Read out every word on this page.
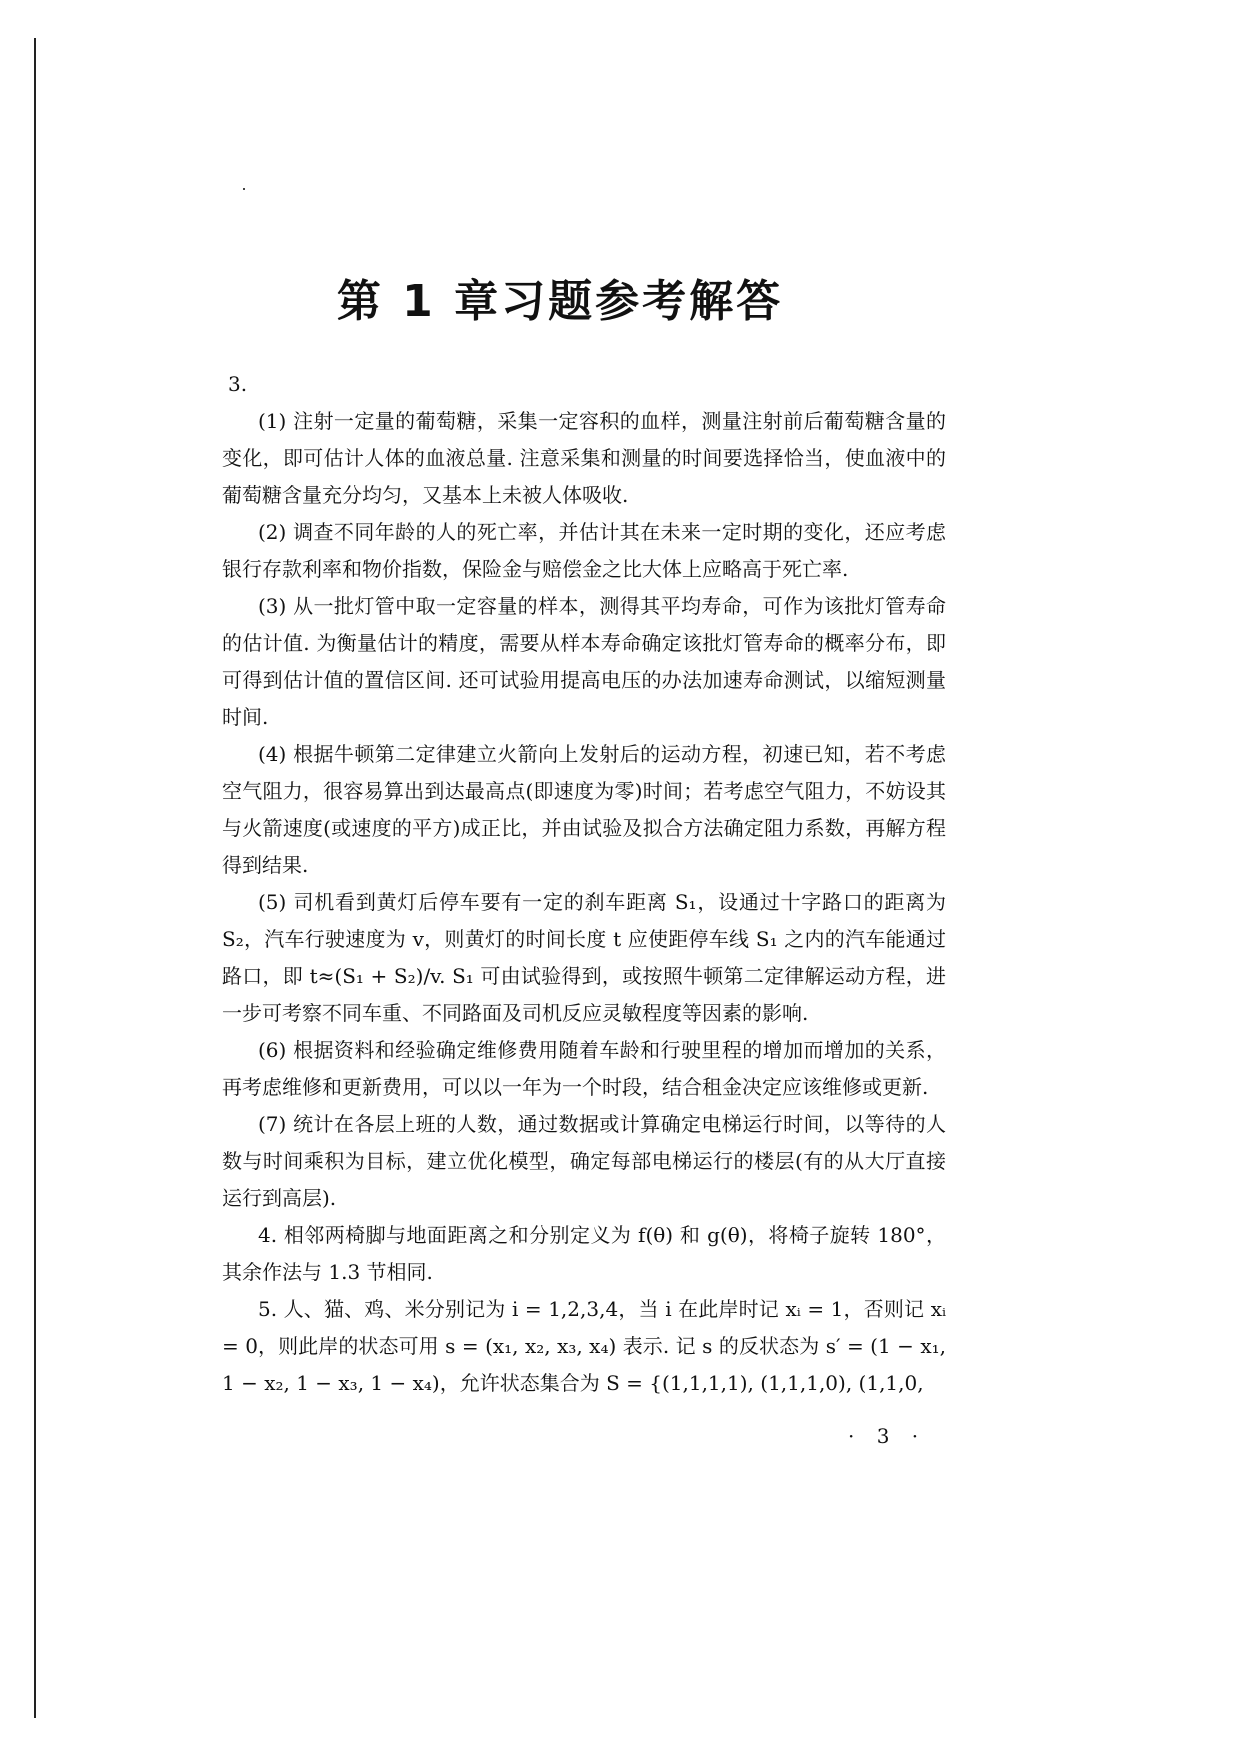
第 1 章习题参考解答

3.

(1) 注射一定量的葡萄糖，采集一定容积的血样，测量注射前后葡萄糖含量的变化，即可估计人体的血液总量. 注意采集和测量的时间要选择恰当，使血液中的葡萄糖含量充分均匀，又基本上未被人体吸收.

(2) 调查不同年龄的人的死亡率，并估计其在未来一定时期的变化，还应考虑银行存款利率和物价指数，保险金与赔偿金之比大体上应略高于死亡率.

(3) 从一批灯管中取一定容量的样本，测得其平均寿命，可作为该批灯管寿命的估计值. 为衡量估计的精度，需要从样本寿命确定该批灯管寿命的概率分布，即可得到估计值的置信区间. 还可试验用提高电压的办法加速寿命测试，以缩短测量时间.

(4) 根据牛顿第二定律建立火箭向上发射后的运动方程，初速已知，若不考虑空气阻力，很容易算出到达最高点(即速度为零)时间；若考虑空气阻力，不妨设其与火箭速度(或速度的平方)成正比，并由试验及拟合方法确定阻力系数，再解方程得到结果.

(5) 司机看到黄灯后停车要有一定的刹车距离 S₁，设通过十字路口的距离为 S₂，汽车行驶速度为 v，则黄灯的时间长度 t 应使距停车线 S₁ 之内的汽车能通过路口，即 t≈(S₁ + S₂)/v. S₁ 可由试验得到，或按照牛顿第二定律解运动方程，进一步可考察不同车重、不同路面及司机反应灵敏程度等因素的影响.

(6) 根据资料和经验确定维修费用随着车龄和行驶里程的增加而增加的关系，再考虑维修和更新费用，可以以一年为一个时段，结合租金决定应该维修或更新.

(7) 统计在各层上班的人数，通过数据或计算确定电梯运行时间，以等待的人数与时间乘积为目标，建立优化模型，确定每部电梯运行的楼层(有的从大厅直接运行到高层).

4. 相邻两椅脚与地面距离之和分别定义为 f(θ) 和 g(θ)，将椅子旋转 180°，其余作法与 1.3 节相同.

5. 人、猫、鸡、米分别记为 i = 1,2,3,4，当 i 在此岸时记 xᵢ = 1，否则记 xᵢ = 0，则此岸的状态可用 s = (x₁, x₂, x₃, x₄) 表示. 记 s 的反状态为 s′ = (1 − x₁, 1 − x₂, 1 − x₃, 1 − x₄)，允许状态集合为 S = {(1,1,1,1), (1,1,1,0), (1,1,0,

· 3 ·
